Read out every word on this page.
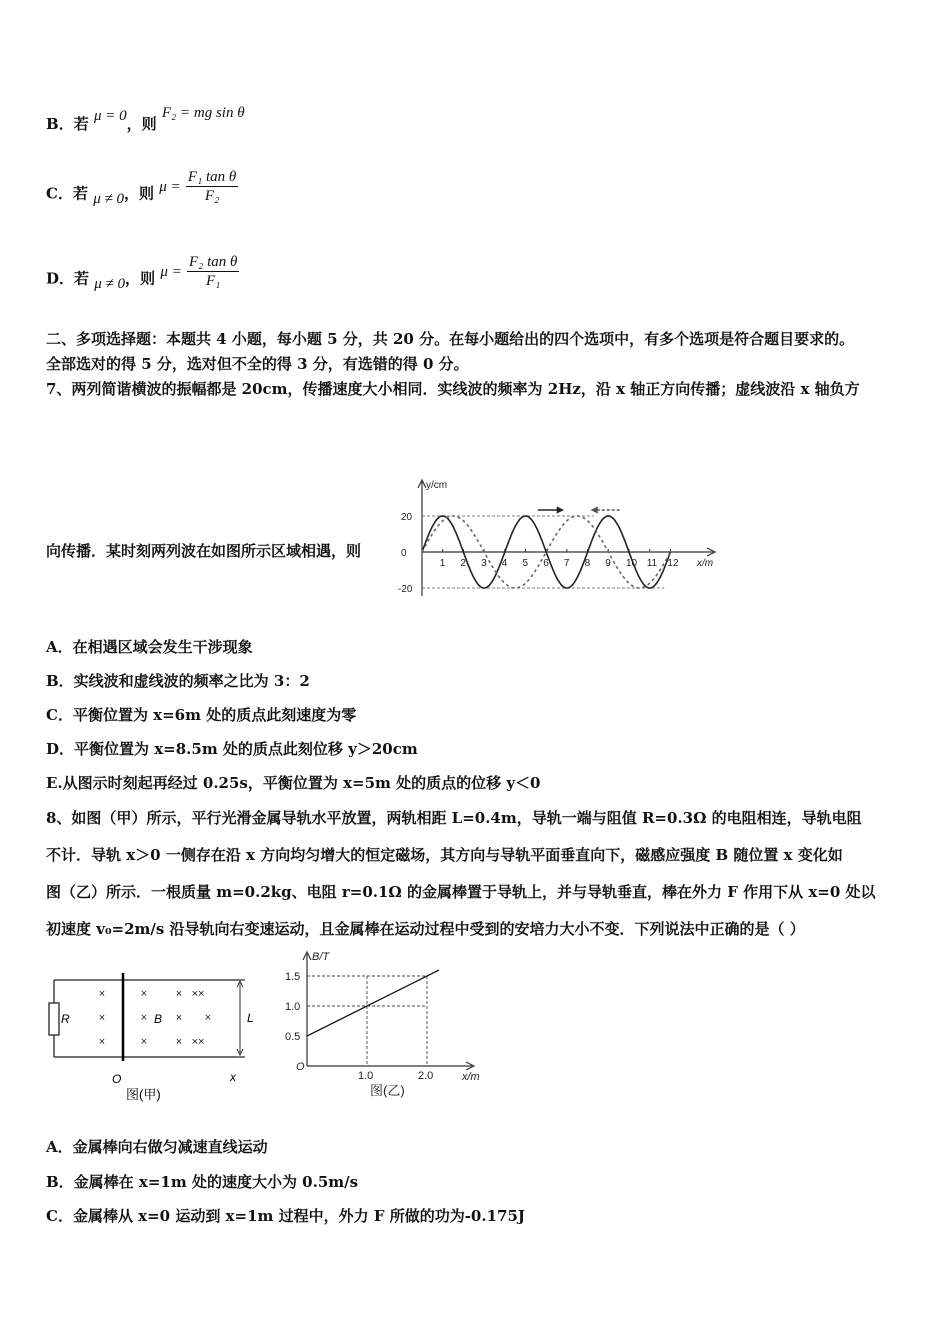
B．若 μ = 0，则 F₂ = mg sin θ
C．若 μ ≠ 0，则 $\mu = \frac{\text{F₁ tan θ}}{\text{F₂}}$
D．若 μ ≠ 0，则 $\mu = \frac{\text{F₂ tan θ}}{\text{F₁}}$
二、多项选择题：本题共 4 小题，每小题 5 分，共 20 分。在每小题给出的四个选项中，有多个选项是符合题目要求的。
全部选对的得 5 分，选对但不全的得 3 分，有选错的得 0 分。
7、两列简谐横波的振幅都是 20cm，传播速度大小相同．实线波的频率为 2Hz，沿 x 轴正方向传播；虚线波沿 x 轴负方
向传播．某时刻两列波在如图所示区域相遇，则
y/cm
x/m
1 2 3 4 5 6 7 8 9 10 11 12
20
0
-20
A．在相遇区域会发生干涉现象
B．实线波和虚线波的频率之比为 3：2
C．平衡位置为 x=6m 处的质点此刻速度为零
D．平衡位置为 x=8.5m 处的质点此刻位移 y＞20cm
E.从图示时刻起再经过 0.25s，平衡位置为 x=5m 处的质点的位移 y＜0
8、如图（甲）所示，平行光滑金属导轨水平放置，两轨相距 L=0.4m，导轨一端与阻值 R=0.3Ω 的电阻相连，导轨电阻
不计．导轨 x＞0 一侧存在沿 x 方向均匀增大的恒定磁场，其方向与导轨平面垂直向下，磁感应强度 B 随位置 x 变化如
图（乙）所示．一根质量 m=0.2kg、电阻 r=0.1Ω 的金属棒置于导轨上，并与导轨垂直，棒在外力 F 作用下从 x=0 处以
初速度 v₀=2m/s 沿导轨向右变速运动，且金属棒在运动过程中受到的安培力大小不变．下列说法中正确的是（ ）
×
×
×
×
×
×
×
×
×
××
××
×
R	B	L
O	x
图(甲)
B/T
x/m
O
0.5
1.0
1.5
1.0	2.0
图(乙)
A．金属棒向右做匀减速直线运动
B．金属棒在 x=1m 处的速度大小为 0.5m/s
C．金属棒从 x=0 运动到 x=1m 过程中，外力 F 所做的功为-0.175J
